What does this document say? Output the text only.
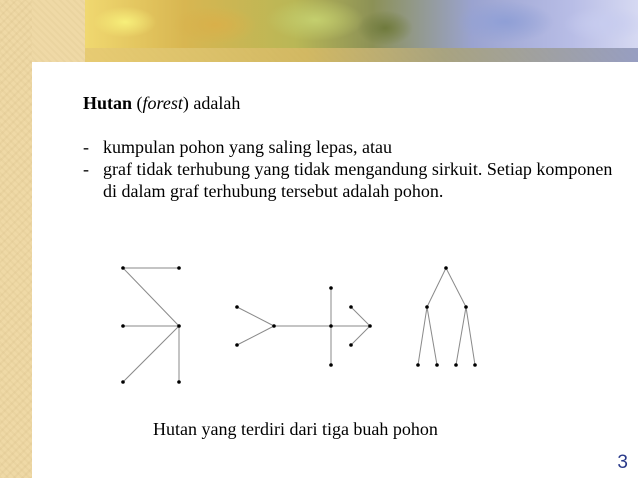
Hutan (forest) adalah

- kumpulan pohon yang saling lepas, atau
- graf tidak terhubung yang tidak mengandung sirkuit. Setiap komponen di dalam graf terhubung tersebut adalah pohon.
Hutan yang terdiri dari tiga buah pohon
3
